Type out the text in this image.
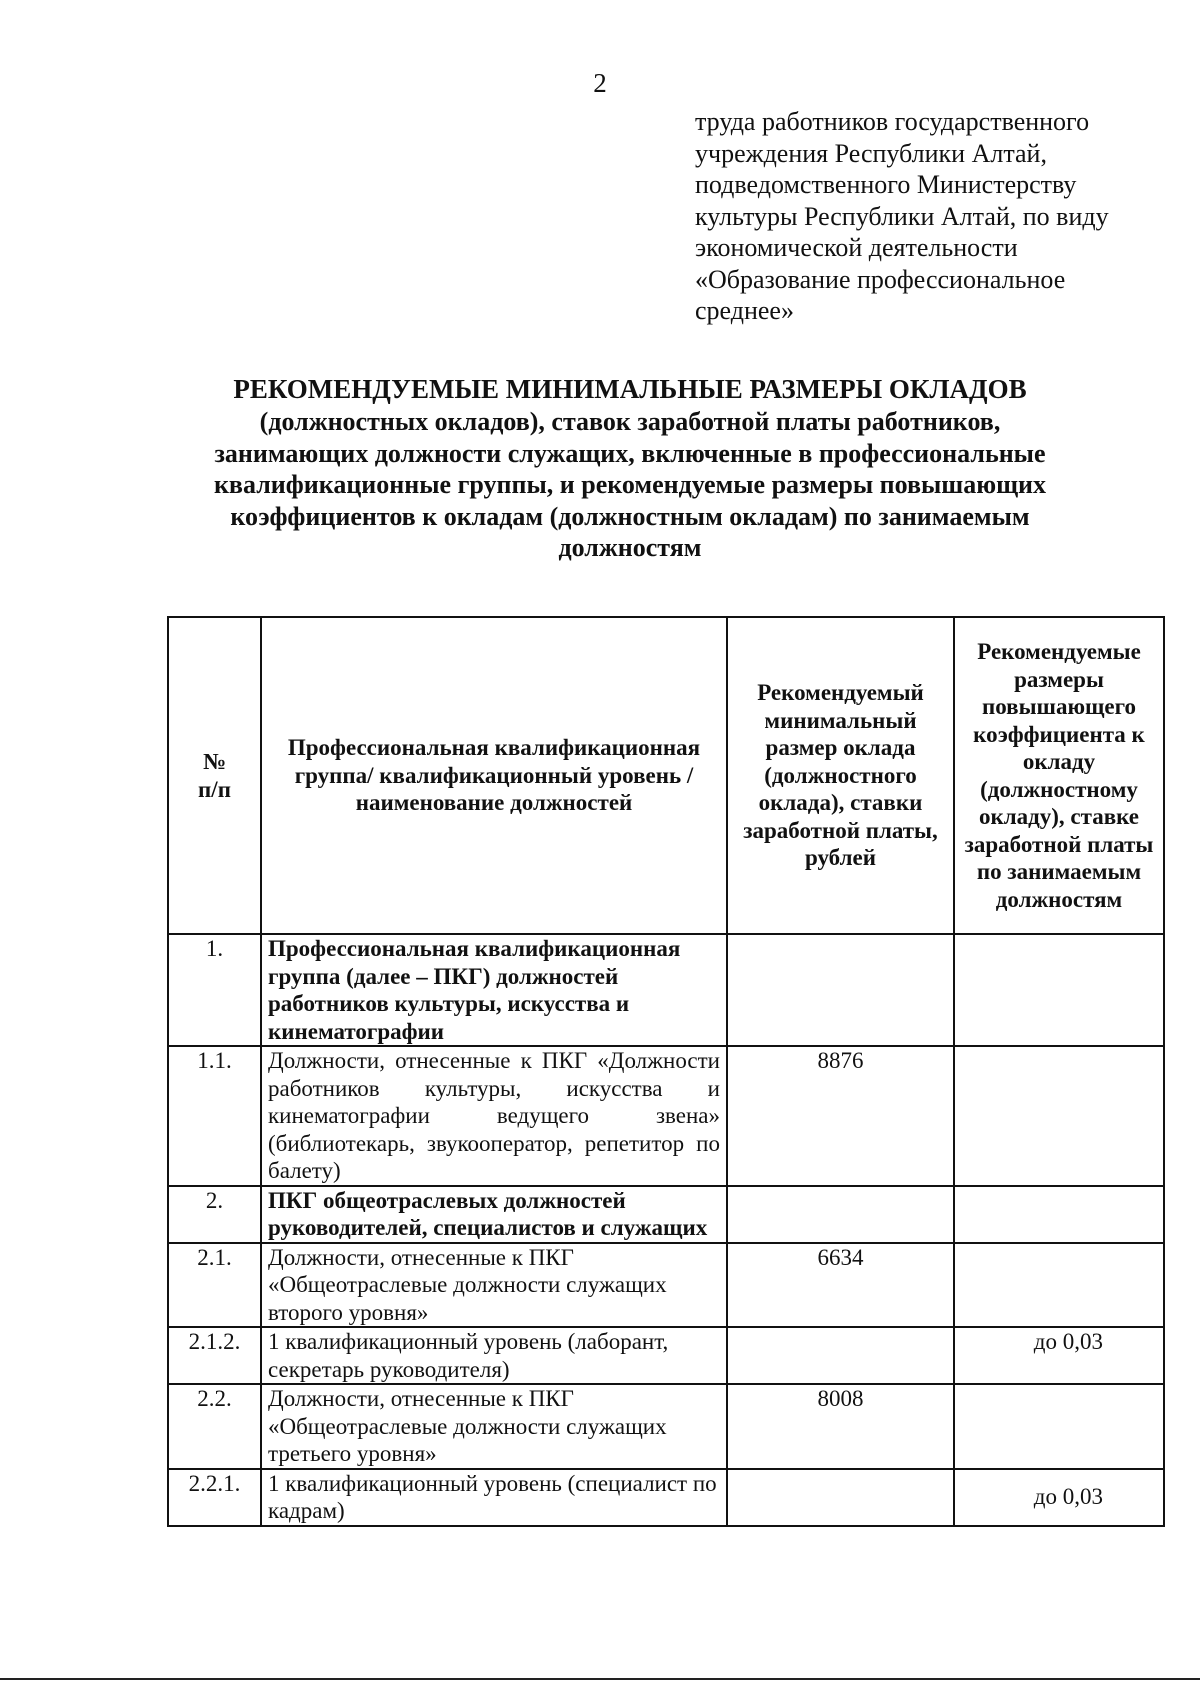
2
труда работников государственного
учреждения Республики Алтай,
подведомственного Министерству
культуры Республики Алтай, по виду
экономической деятельности
«Образование профессиональное
среднее»
РЕКОМЕНДУЕМЫЕ МИНИМАЛЬНЫЕ РАЗМЕРЫ ОКЛАДОВ
(должностных окладов), ставок заработной платы работников,
занимающих должности служащих, включенные в профессиональные
квалификационные группы, и рекомендуемые размеры повышающих
коэффициентов к окладам (должностным окладам) по занимаемым
должностям
№ п/п	Профессиональная квалификационная группа/ квалификационный уровень / наименование должностей	Рекомендуемый минимальный размер оклада (должностного оклада), ставки заработной платы, рублей	Рекомендуемые размеры повышающего коэффициента к окладу (должностному окладу), ставке заработной платы по занимаемым должностям
1.	Профессиональная квалификационная группа (далее – ПКГ) должностей работников культуры, искусства и кинематографии		
1.1.	Должности, отнесенные к ПКГ «Должности работников культуры, искусства и кинематографии ведущего звена» (библиотекарь, звукооператор, репетитор по балету)	8876	
2.	ПКГ общеотраслевых должностей руководителей, специалистов и служащих		
2.1.	Должности, отнесенные к ПКГ «Общеотраслевые должности служащих второго уровня»	6634	
2.1.2.	1 квалификационный уровень (лаборант, секретарь руководителя)		до 0,03
2.2.	Должности, отнесенные к ПКГ «Общеотраслевые должности служащих третьего уровня»	8008	
2.2.1.	1 квалификационный уровень (специалист по кадрам)		до 0,03
